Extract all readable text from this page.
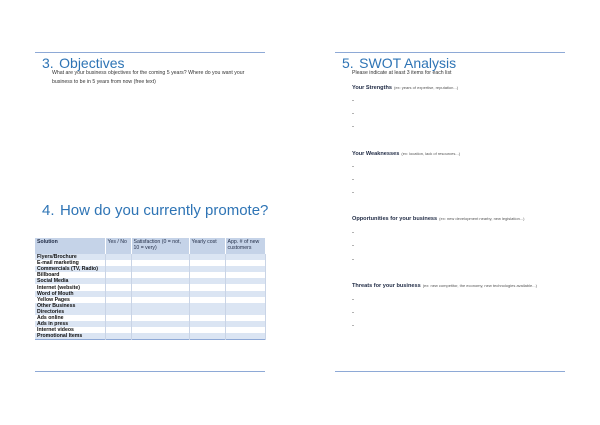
3. Objectives
What are your business objectives for the coming 5 years? Where do you want your business to be in 5 years from now (free text)
4. How do you currently promote?
Solution	Yes / No	Satisfaction (0 = not, 10 = very)	Yearly cost	App. # of new customers
Flyers/Brochure				
E-mail marketing				
Commercials (TV, Radio)				
Billboard				
Social Media				
Internet (website)				
Word of Mouth				
Yellow Pages				
Other Business Directories				
Ads online				
Ads in press				
Internet videos				
Promotional Items				
5. SWOT Analysis
Please indicate at least 3 items for each list
Your Strengths (ex: years of expertise, reputation...)
-
-
-
Your Weaknesses (ex: location, lack of resources...)
-
-
-
Opportunities for your business (ex: new development nearby, new legislation...)
-
-
-
Threats for your business (ex: new competitor, the economy, new technologies available...)
-
-
-
